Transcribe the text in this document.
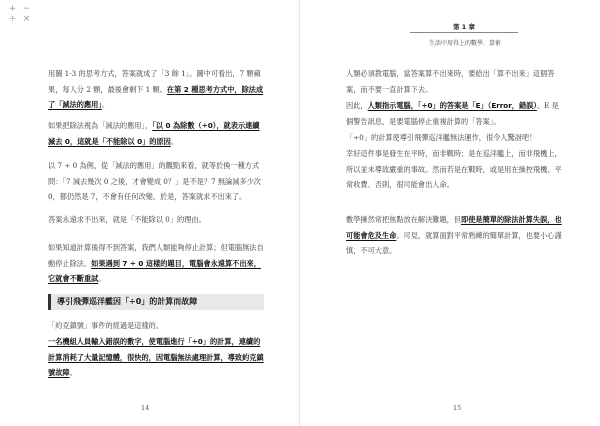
+ −
÷ ×

用圖 1-3 的思考方式，答案就成了「3 餘 1」。圖中可看出，7 顆蘋果，每人分 2 顆，最後會剩下 1 顆。在第 2 種思考方式中，除法成了「減法的應用」。

如果把除法視為「減法的應用」，「以 0 為除數（÷0），就表示連續減去 0，這就是「不能除以 0」的原因。

以 7 ÷ 0 為例，從「減法的應用」的觀點來看，就等於換一種方式問：「7 減去幾次 0 之後，才會變成 0？」是不是？7 無論減多少次 0，都仍然是 7，不會有任何改變。於是，答案就求不出來了。

答案永遠求不出來，就是「不能除以 0」的理由。

如果知道計算後得不到答案，我們人類能夠停止計算；但電腦無法自動停止除法。如果遇到 7 ÷ 0 這樣的題目，電腦會永遠算不出來，它就會不斷重試。

導引飛彈巡洋艦因「÷0」的計算而故障

「約克鎮號」事件的經過是這樣的。

一名機組人員輸入錯誤的數字，使電腦進行「÷0」的計算，連續的計算消耗了大量記憶體，很快的，因電腦無法處理計算，導致約克鎮號故障。

14
第 1 章
生活中用得上的數學．算術

人類必須教電腦，當答案算不出來時，要給出「算不出來」這個答案，而不要一直計算下去。

因此，人類指示電腦，「÷0」的答案是「E」（Error，錯誤）。E 是個警告訊息，是要電腦停止重複計算的「答案」。

「÷0」的計算使導引飛彈巡洋艦無法運作，很令人驚訝吧！

幸好這件事是發生在平時，而非戰時；是在巡洋艦上，而非飛機上，所以並未導致嚴重的事故。然而若是在戰時，或是用在操控飛機、平常收費、否則，很可能會出人命。

數學擁然常把焦點放在解決難題，但即使是簡單的除法計算失誤，也可能會危及生命。可見，就算面對平常熟練的簡單計算，也要小心謹慎，不可大意。

15
